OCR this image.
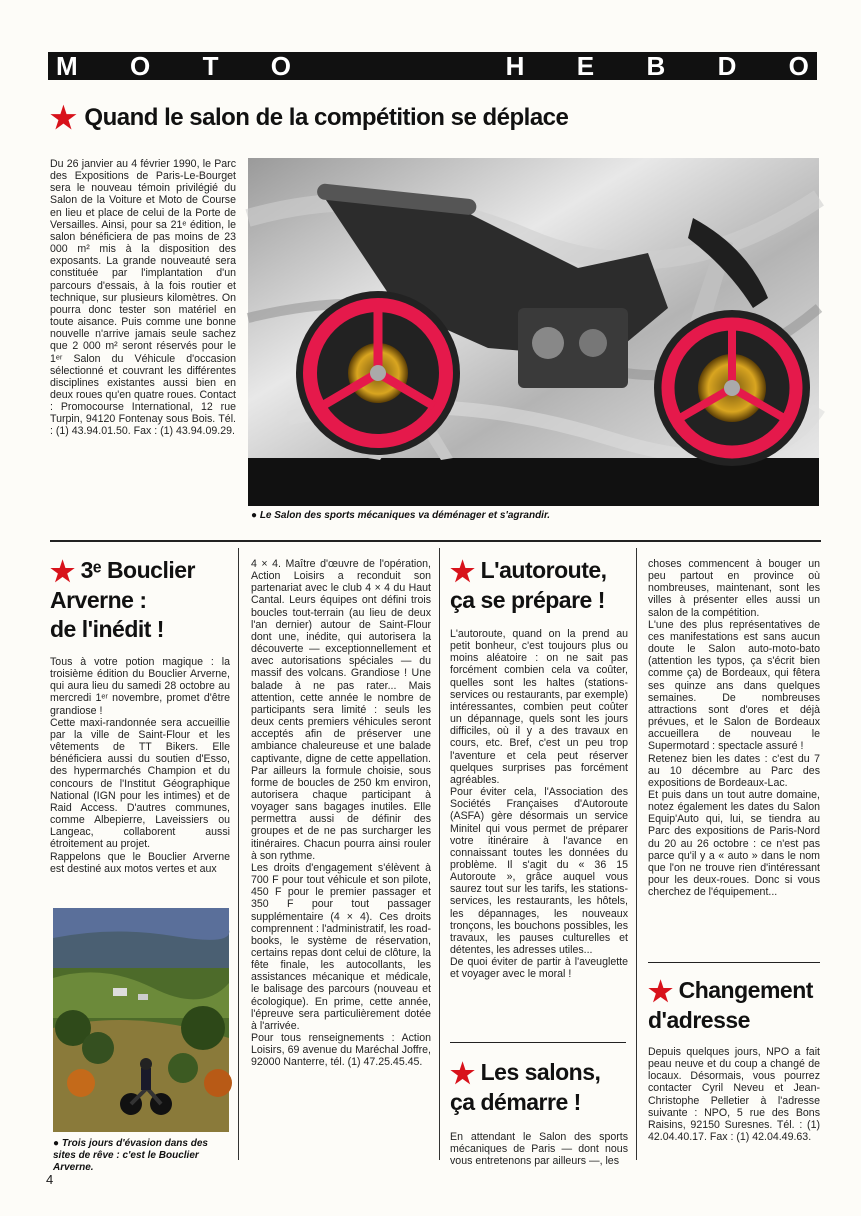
M O T O	H E B D O
★ Quand le salon de la compétition se déplace

Du 26 janvier au 4 février 1990, le Parc des Expositions de Paris-Le-Bourget sera le nouveau témoin privilégié du Salon de la Voiture et Moto de Course en lieu et place de celui de la Porte de Versailles. Ainsi, pour sa 21ᵉ édition, le salon bénéficiera de pas moins de 23 000 m² mis à la disposition des exposants. La grande nouveauté sera constituée par l'implantation d'un parcours d'essais, à la fois routier et technique, sur plusieurs kilomètres. On pourra donc tester son matériel en toute aisance. Puis comme une bonne nouvelle n'arrive jamais seule sachez que 2 000 m² seront réservés pour le 1ᵉʳ Salon du Véhicule d'occasion sélectionné et couvrant les différentes disciplines existantes aussi bien en deux roues qu'en quatre roues. Contact : Promocourse International, 12 rue Turpin, 94120 Fontenay sous Bois. Tél. : (1) 43.94.01.50. Fax : (1) 43.94.09.29.

● Le Salon des sports mécaniques va déménager et s'agrandir.
★ 3ᵉ Bouclier
Arverne :
de l'inédit !

Tous à votre potion magique : la troisième édition du Bouclier Arverne, qui aura lieu du samedi 28 octobre au mercredi 1ᵉʳ novembre, promet d'être grandiose !
Cette maxi-randonnée sera accueillie par la ville de Saint-Flour et les vêtements de TT Bikers. Elle bénéficiera aussi du soutien d'Esso, des hypermarchés Champion et du concours de l'Institut Géographique National (IGN pour les intimes) et de Raid Access. D'autres communes, comme Albepierre, Laveissiers ou Langeac, collaborent aussi étroitement au projet.
Rappelons que le Bouclier Arverne est destiné aux motos vertes et aux

● Trois jours d'évasion dans des sites de rêve : c'est le Bouclier Arverne.

4 × 4. Maître d'œuvre de l'opération, Action Loisirs a reconduit son partenariat avec le club 4 × 4 du Haut Cantal. Leurs équipes ont défini trois boucles tout-terrain (au lieu de deux l'an dernier) autour de Saint-Flour dont une, inédite, qui autorisera la découverte — exceptionnellement et avec autorisations spéciales — du massif des volcans. Grandiose ! Une balade à ne pas rater... Mais attention, cette année le nombre de participants sera limité : seuls les deux cents premiers véhicules seront acceptés afin de préserver une ambiance chaleureuse et une balade captivante, digne de cette appellation. Par ailleurs la formule choisie, sous forme de boucles de 250 km environ, autorisera chaque participant à voyager sans bagages inutiles. Elle permettra aussi de définir des groupes et de ne pas surcharger les itinéraires. Chacun pourra ainsi rouler à son rythme.
Les droits d'engagement s'élèvent à 700 F pour tout véhicule et son pilote, 450 F pour le premier passager et 350 F pour tout passager supplémentaire (4 × 4). Ces droits comprennent : l'administratif, les road-books, le système de réservation, certains repas dont celui de clôture, la fête finale, les autocollants, les assistances mécanique et médicale, le balisage des parcours (nouveau et écologique). En prime, cette année, l'épreuve sera particulièrement dotée à l'arrivée.
Pour tous renseignements : Action Loisirs, 69 avenue du Maréchal Joffre, 92000 Nanterre, tél. (1) 47.25.45.45.

★ L'autoroute,
ça se prépare !

L'autoroute, quand on la prend au petit bonheur, c'est toujours plus ou moins aléatoire : on ne sait pas forcément combien cela va coûter, quelles sont les haltes (stations-services ou restaurants, par exemple) intéressantes, combien peut coûter un dépannage, quels sont les jours difficiles, où il y a des travaux en cours, etc. Bref, c'est un peu trop l'aventure et cela peut réserver quelques surprises pas forcément agréables.
Pour éviter cela, l'Association des Sociétés Françaises d'Autoroute (ASFA) gère désormais un service Minitel qui vous permet de préparer votre itinéraire à l'avance en connaissant toutes les données du problème. Il s'agit du « 36 15 Autoroute », grâce auquel vous saurez tout sur les tarifs, les stations-services, les restaurants, les hôtels, les dépannages, les nouveaux tronçons, les bouchons possibles, les travaux, les pauses culturelles et détentes, les adresses utiles...
De quoi éviter de partir à l'aveuglette et voyager avec le moral !

★ Les salons,
ça démarre !

En attendant le Salon des sports mécaniques de Paris — dont nous vous entretenons par ailleurs —, les

choses commencent à bouger un peu partout en province où nombreuses, maintenant, sont les villes à présenter elles aussi un salon de la compétition.
L'une des plus représentatives de ces manifestations est sans aucun doute le Salon auto-moto-bato (attention les typos, ça s'écrit bien comme ça) de Bordeaux, qui fêtera ses quinze ans dans quelques semaines. De nombreuses attractions sont d'ores et déjà prévues, et le Salon de Bordeaux accueillera de nouveau le Supermotard : spectacle assuré !
Retenez bien les dates : c'est du 7 au 10 décembre au Parc des expositions de Bordeaux-Lac.
Et puis dans un tout autre domaine, notez également les dates du Salon Equip'Auto qui, lui, se tiendra au Parc des expositions de Paris-Nord du 20 au 26 octobre : ce n'est pas parce qu'il y a « auto » dans le nom que l'on ne trouve rien d'intéressant pour les deux-roues. Donc si vous cherchez de l'équipement...

★ Changement
d'adresse

Depuis quelques jours, NPO a fait peau neuve et du coup a changé de locaux. Désormais, vous pourrez contacter Cyril Neveu et Jean-Christophe Pelletier à l'adresse suivante : NPO, 5 rue des Bons Raisins, 92150 Suresnes. Tél. : (1) 42.04.40.17. Fax : (1) 42.04.49.63.

4
